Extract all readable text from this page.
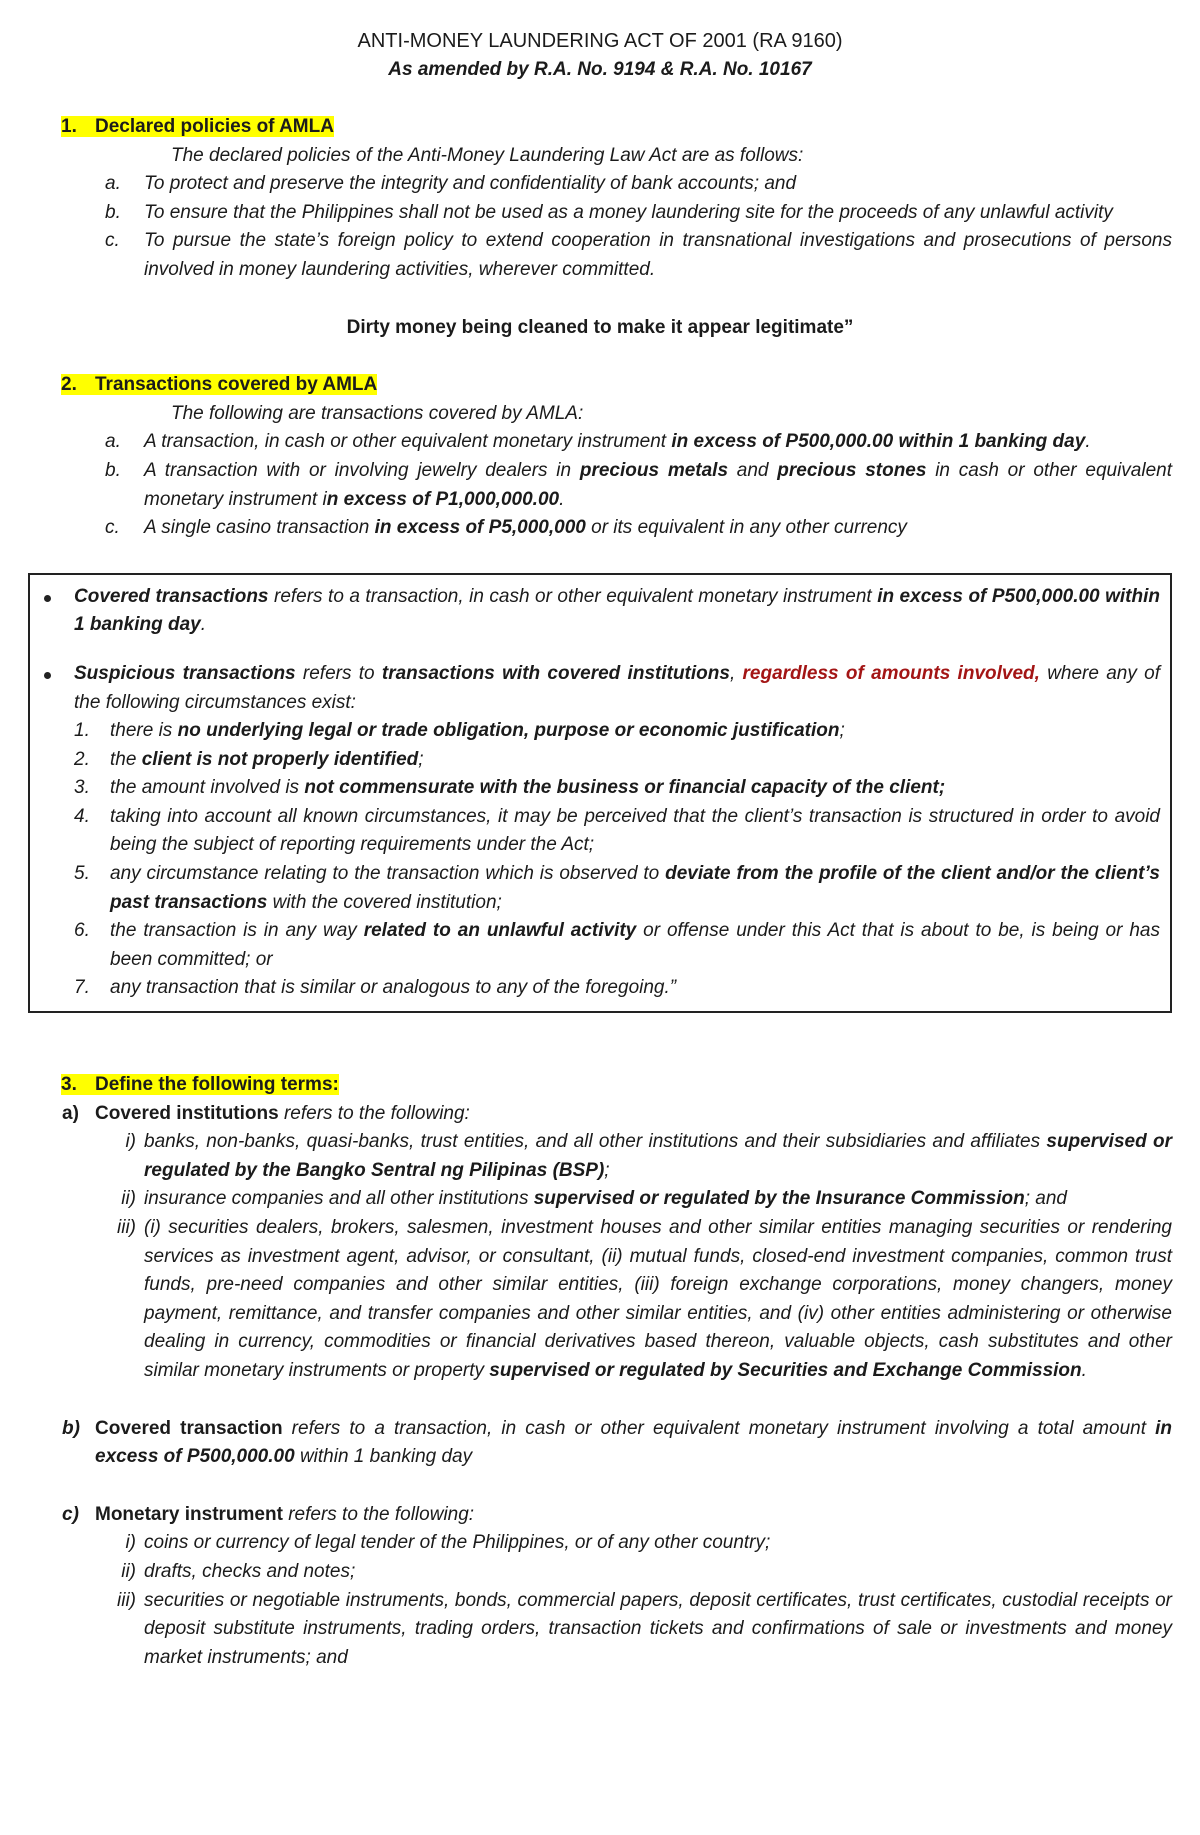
ANTI-MONEY LAUNDERING ACT OF 2001 (RA 9160)

As amended by R.A. No. 9194 & R.A. No. 10167

1. Declared policies of AMLA

The declared policies of the Anti-Money Laundering Law Act are as follows:

a. To protect and preserve the integrity and confidentiality of bank accounts; and
b. To ensure that the Philippines shall not be used as a money laundering site for the proceeds of any unlawful activity
c. To pursue the state’s foreign policy to extend cooperation in transnational investigations and prosecutions of persons involved in money laundering activities, wherever committed.

Dirty money being cleaned to make it appear legitimate”

2. Transactions covered by AMLA

The following are transactions covered by AMLA:

a. A transaction, in cash or other equivalent monetary instrument in excess of P500,000.00 within 1 banking day.
b. A transaction with or involving jewelry dealers in precious metals and precious stones in cash or other equivalent monetary instrument in excess of P1,000,000.00.
c. A single casino transaction in excess of P5,000,000 or its equivalent in any other currency

Covered transactions refers to a transaction, in cash or other equivalent monetary instrument in excess of P500,000.00 within 1 banking day.

Suspicious transactions refers to transactions with covered institutions, regardless of amounts involved, where any of the following circumstances exist:

1. there is no underlying legal or trade obligation, purpose or economic justification;
2. the client is not properly identified;
3. the amount involved is not commensurate with the business or financial capacity of the client;
4. taking into account all known circumstances, it may be perceived that the client’s transaction is structured in order to avoid being the subject of reporting requirements under the Act;
5. any circumstance relating to the transaction which is observed to deviate from the profile of the client and/or the client’s past transactions with the covered institution;
6. the transaction is in any way related to an unlawful activity or offense under this Act that is about to be, is being or has been committed; or
7. any transaction that is similar or analogous to any of the foregoing.”

3. Define the following terms:

a) Covered institutions refers to the following:

i) banks, non-banks, quasi-banks, trust entities, and all other institutions and their subsidiaries and affiliates supervised or regulated by the Bangko Sentral ng Pilipinas (BSP);
ii) insurance companies and all other institutions supervised or regulated by the Insurance Commission; and
iii) (i) securities dealers, brokers, salesmen, investment houses and other similar entities managing securities or rendering services as investment agent, advisor, or consultant, (ii) mutual funds, closed-end investment companies, common trust funds, pre-need companies and other similar entities, (iii) foreign exchange corporations, money changers, money payment, remittance, and transfer companies and other similar entities, and (iv) other entities administering or otherwise dealing in currency, commodities or financial derivatives based thereon, valuable objects, cash substitutes and other similar monetary instruments or property supervised or regulated by Securities and Exchange Commission.

b) Covered transaction refers to a transaction, in cash or other equivalent monetary instrument involving a total amount in excess of P500,000.00 within 1 banking day

c) Monetary instrument refers to the following:

i) coins or currency of legal tender of the Philippines, or of any other country;
ii) drafts, checks and notes;
iii) securities or negotiable instruments, bonds, commercial papers, deposit certificates, trust certificates, custodial receipts or deposit substitute instruments, trading orders, transaction tickets and confirmations of sale or investments and money market instruments; and
